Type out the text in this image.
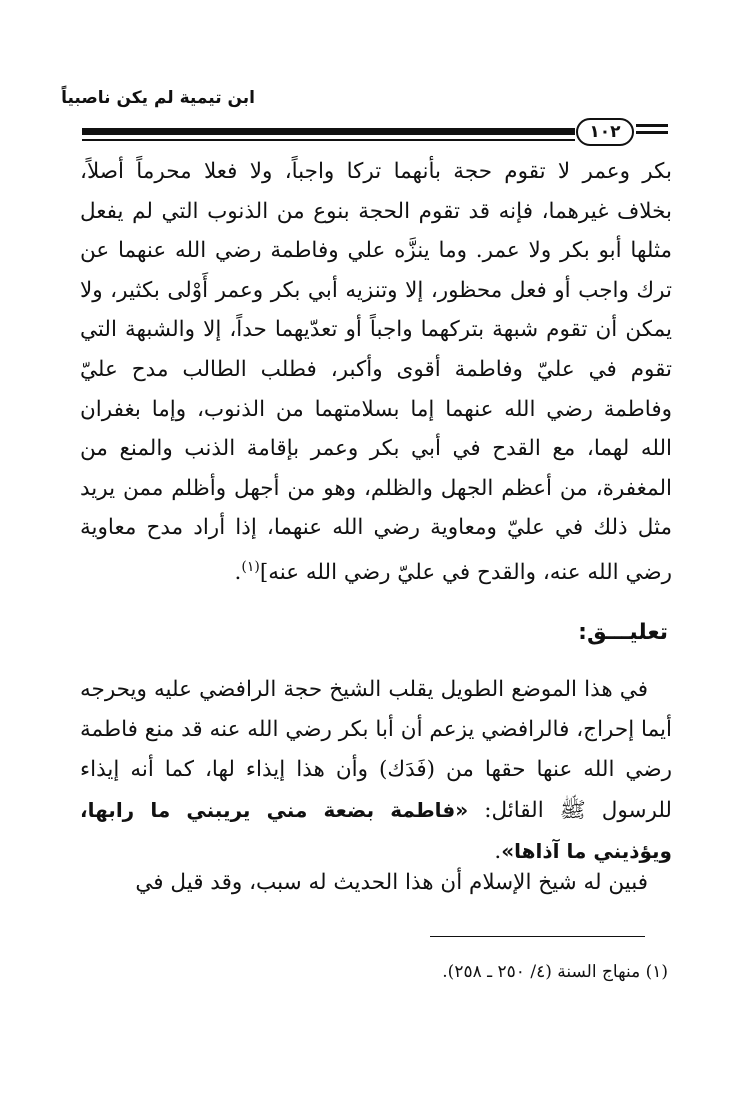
ابن تيمية لم يكن ناصبياً
١٠٢

بكر وعمر لا تقوم حجة بأنهما تركا واجباً، ولا فعلا محرماً أصلاً، بخلاف غيرهما، فإنه قد تقوم الحجة بنوع من الذنوب التي لم يفعل مثلها أبو بكر ولا عمر. وما ينزَّه علي وفاطمة رضي الله عنهما عن ترك واجب أو فعل محظور، إلا وتنزيه أبي بكر وعمر أَوْلى بكثير، ولا يمكن أن تقوم شبهة بتركهما واجباً أو تعدّيهما حداً، إلا والشبهة التي تقوم في عليّ وفاطمة أقوى وأكبر، فطلب الطالب مدح عليّ وفاطمة رضي الله عنهما إما بسلامتهما من الذنوب، وإما بغفران الله لهما، مع القدح في أبي بكر وعمر بإقامة الذنب والمنع من المغفرة، من أعظم الجهل والظلم، وهو من أجهل وأظلم ممن يريد مثل ذلك في عليّ ومعاوية رضي الله عنهما، إذا أراد مدح معاوية رضي الله عنه، والقدح في عليّ رضي الله عنه]$^{(١)}$.

تعليـــق:

في هذا الموضع الطويل يقلب الشيخ حجة الرافضي عليه ويحرجه أيما إحراج، فالرافضي يزعم أن أبا بكر رضي الله عنه قد منع فاطمة رضي الله عنها حقها من (فَدَك) وأن هذا إيذاء لها، كما أنه إيذاء للرسول ﷺ القائل: «فاطمة بضعة مني يريبني ما رابها، ويؤذيني ما آذاها».

فبين له شيخ الإسلام أن هذا الحديث له سبب، وقد قيل في
(١) منهاج السنة (٤/ ٢٥٠ ـ ٢٥٨).
